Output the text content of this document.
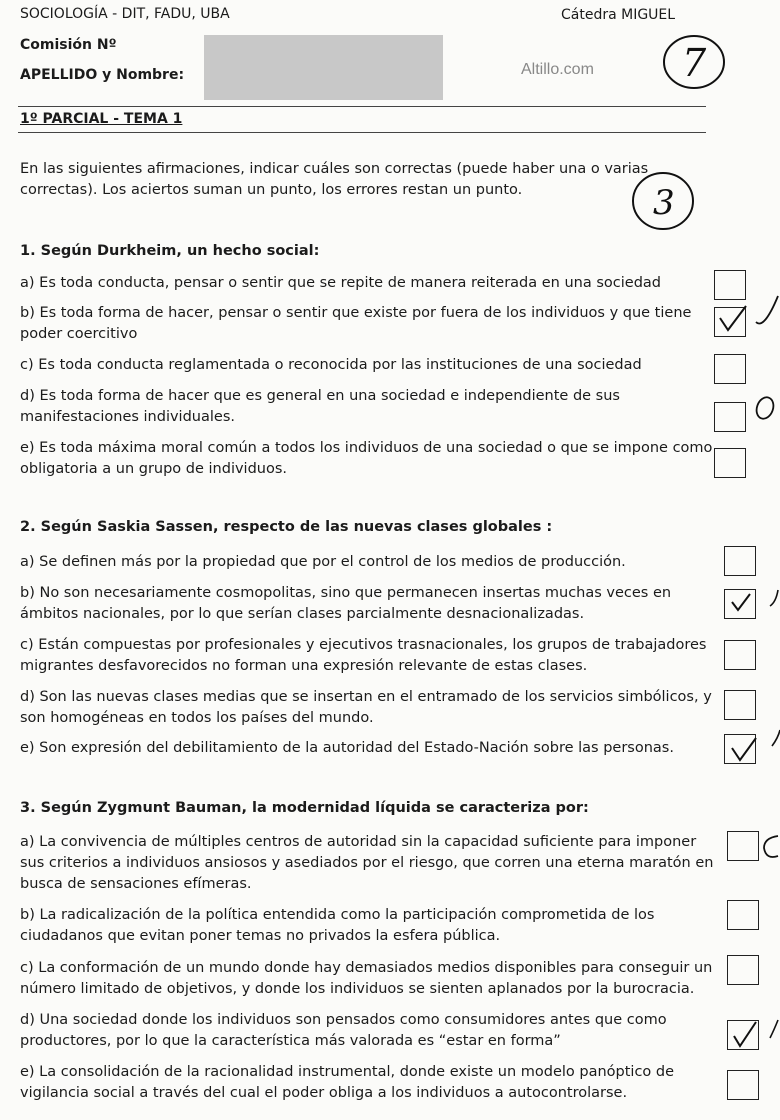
SOCIOLOGÍA - DIT, FADU, UBA	Cátedra MIGUEL
Comisión Nº
APELLIDO y Nombre:	Altillo.com 7
1º PARCIAL - TEMA 1
En las siguientes afirmaciones, indicar cuáles son correctas (puede haber una o varias
correctas). Los aciertos suman un punto, los errores restan un punto.	3
1. Según Durkheim, un hecho social:
a) Es toda conducta, pensar o sentir que se repite de manera reiterada en una sociedad
b) Es toda forma de hacer, pensar o sentir que existe por fuera de los individuos y que tiene
poder coercitivo
c) Es toda conducta reglamentada o reconocida por las instituciones de una sociedad
d) Es toda forma de hacer que es general en una sociedad e independiente de sus
manifestaciones individuales.
e) Es toda máxima moral común a todos los individuos de una sociedad o que se impone como
obligatoria a un grupo de individuos.
2. Según Saskia Sassen, respecto de las nuevas clases globales :
a) Se definen más por la propiedad que por el control de los medios de producción.
b) No son necesariamente cosmopolitas, sino que permanecen insertas muchas veces en
ámbitos nacionales, por lo que serían clases parcialmente desnacionalizadas.
c) Están compuestas por profesionales y ejecutivos trasnacionales, los grupos de trabajadores
migrantes desfavorecidos no forman una expresión relevante de estas clases.
d) Son las nuevas clases medias que se insertan en el entramado de los servicios simbólicos, y
son homogéneas en todos los países del mundo.
e) Son expresión del debilitamiento de la autoridad del Estado-Nación sobre las personas.
3. Según Zygmunt Bauman, la modernidad líquida se caracteriza por:
a) La convivencia de múltiples centros de autoridad sin la capacidad suficiente para imponer
sus criterios a individuos ansiosos y asediados por el riesgo, que corren una eterna maratón en
busca de sensaciones efímeras.
b) La radicalización de la política entendida como la participación comprometida de los
ciudadanos que evitan poner temas no privados la esfera pública.
c) La conformación de un mundo donde hay demasiados medios disponibles para conseguir un
número limitado de objetivos, y donde los individuos se sienten aplanados por la burocracia.
d) Una sociedad donde los individuos son pensados como consumidores antes que como
productores, por lo que la característica más valorada es “estar en forma”
e) La consolidación de la racionalidad instrumental, donde existe un modelo panóptico de
vigilancia social a través del cual el poder obliga a los individuos a autocontrolarse.
